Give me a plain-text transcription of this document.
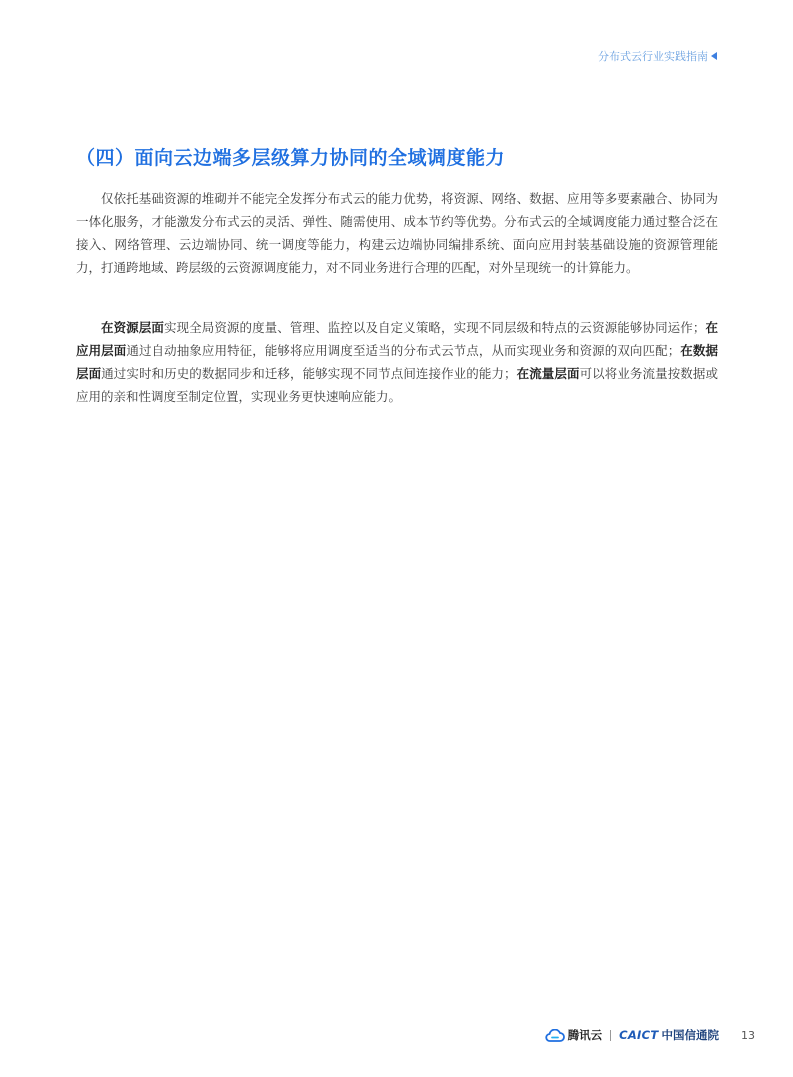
分布式云行业实践指南
（四）面向云边端多层级算力协同的全域调度能力

仅依托基础资源的堆砌并不能完全发挥分布式云的能力优势，将资源、网络、数据、应用等多要素融合、协同为一体化服务，才能激发分布式云的灵活、弹性、随需使用、成本节约等优势。分布式云的全域调度能力通过整合泛在接入、网络管理、云边端协同、统一调度等能力，构建云边端协同编排系统、面向应用封装基础设施的资源管理能力，打通跨地域、跨层级的云资源调度能力，对不同业务进行合理的匹配，对外呈现统一的计算能力。

在资源层面实现全局资源的度量、管理、监控以及自定义策略，实现不同层级和特点的云资源能够协同运作；在应用层面通过自动抽象应用特征，能够将应用调度至适当的分布式云节点，从而实现业务和资源的双向匹配；在数据层面通过实时和历史的数据同步和迁移，能够实现不同节点间连接作业的能力；在流量层面可以将业务流量按数据或应用的亲和性调度至制定位置，实现业务更快速响应能力。

腾讯云 CAICT 中国信通院 13
